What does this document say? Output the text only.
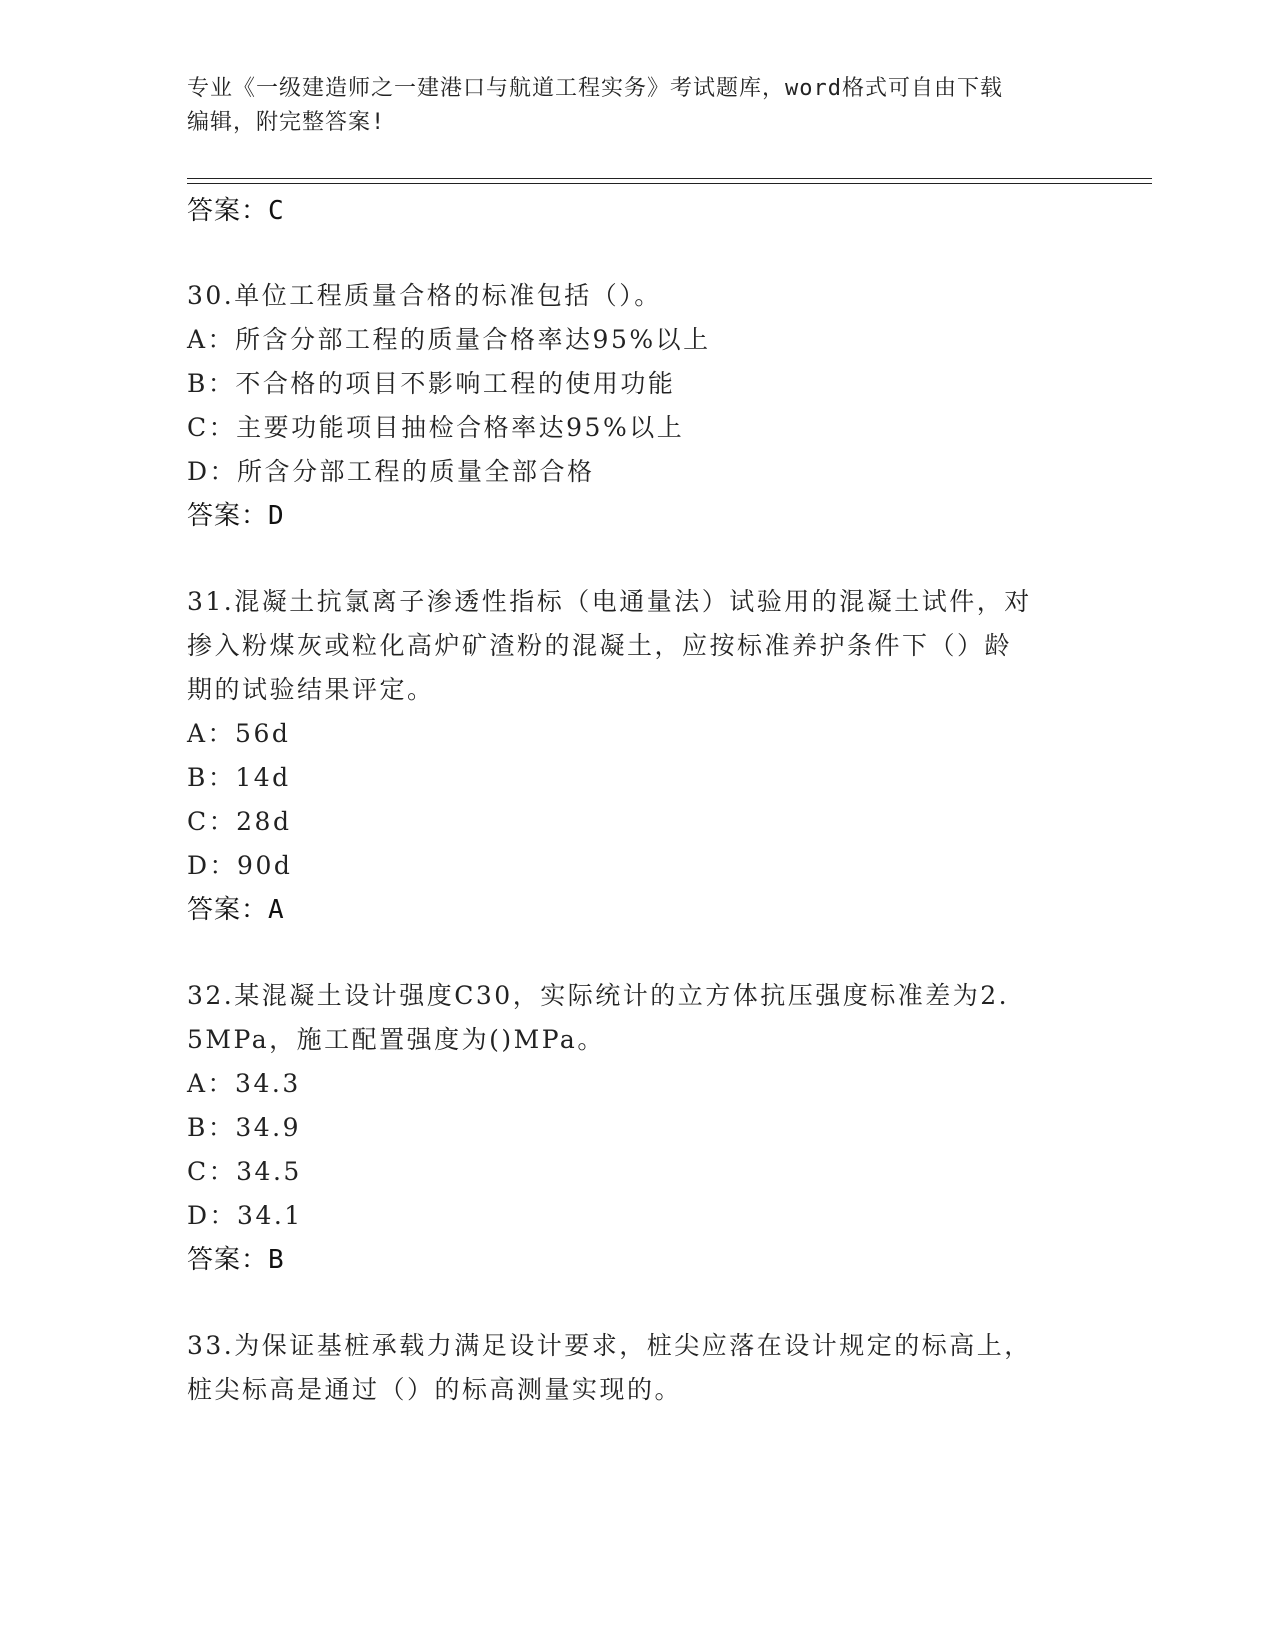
专业《一级建造师之一建港口与航道工程实务》考试题库，word格式可自由下载
编辑，附完整答案!
答案：C
30.单位工程质量合格的标准包括（）。
A：所含分部工程的质量合格率达95%以上
B：不合格的项目不影响工程的使用功能
C：主要功能项目抽检合格率达95%以上
D：所含分部工程的质量全部合格
答案：D
31.混凝土抗氯离子渗透性指标（电通量法）试验用的混凝土试件，对
掺入粉煤灰或粒化高炉矿渣粉的混凝土，应按标准养护条件下（）龄
期的试验结果评定。
A：56d
B：14d
C：28d
D：90d
答案：A
32.某混凝土设计强度C30，实际统计的立方体抗压强度标准差为2.
5MPa，施工配置强度为()MPa。
A：34.3
B：34.9
C：34.5
D：34.1
答案：B
33.为保证基桩承载力满足设计要求，桩尖应落在设计规定的标高上，
桩尖标高是通过（）的标高测量实现的。
